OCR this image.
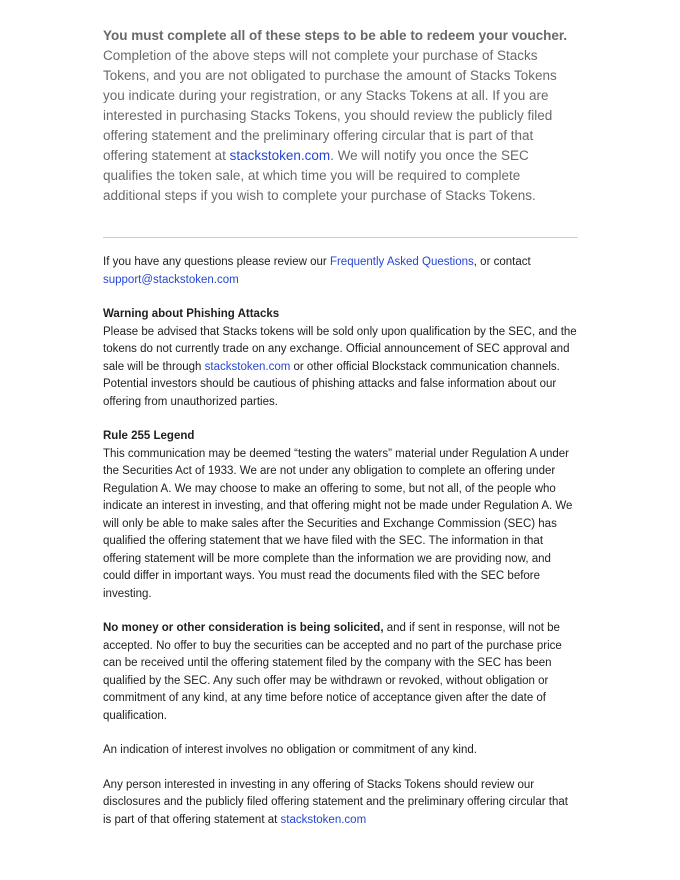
You must complete all of these steps to be able to redeem your voucher. Completion of the above steps will not complete your purchase of Stacks Tokens, and you are not obligated to purchase the amount of Stacks Tokens you indicate during your registration, or any Stacks Tokens at all. If you are interested in purchasing Stacks Tokens, you should review the publicly filed offering statement and the preliminary offering circular that is part of that offering statement at stackstoken.com. We will notify you once the SEC qualifies the token sale, at which time you will be required to complete additional steps if you wish to complete your purchase of Stacks Tokens.

If you have any questions please review our Frequently Asked Questions, or contact support@stackstoken.com

Warning about Phishing Attacks
Please be advised that Stacks tokens will be sold only upon qualification by the SEC, and the tokens do not currently trade on any exchange. Official announcement of SEC approval and sale will be through stackstoken.com or other official Blockstack communication channels. Potential investors should be cautious of phishing attacks and false information about our offering from unauthorized parties.

Rule 255 Legend
This communication may be deemed “testing the waters” material under Regulation A under the Securities Act of 1933. We are not under any obligation to complete an offering under Regulation A. We may choose to make an offering to some, but not all, of the people who indicate an interest in investing, and that offering might not be made under Regulation A. We will only be able to make sales after the Securities and Exchange Commission (SEC) has qualified the offering statement that we have filed with the SEC. The information in that offering statement will be more complete than the information we are providing now, and could differ in important ways. You must read the documents filed with the SEC before investing.

No money or other consideration is being solicited, and if sent in response, will not be accepted. No offer to buy the securities can be accepted and no part of the purchase price can be received until the offering statement filed by the company with the SEC has been qualified by the SEC. Any such offer may be withdrawn or revoked, without obligation or commitment of any kind, at any time before notice of acceptance given after the date of qualification.

An indication of interest involves no obligation or commitment of any kind.

Any person interested in investing in any offering of Stacks Tokens should review our disclosures and the publicly filed offering statement and the preliminary offering circular that is part of that offering statement at stackstoken.com
